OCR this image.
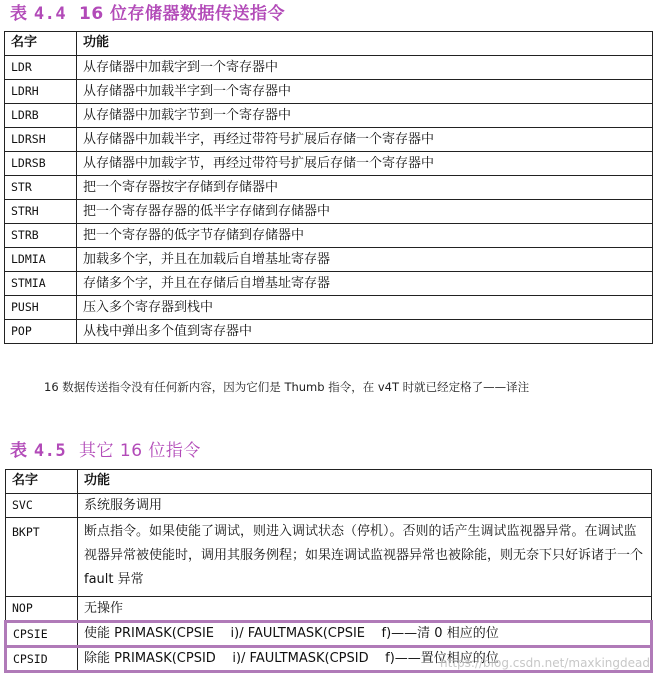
表 4.4 16 位存储器数据传送指令
名字	功能
LDR	从存储器中加载字到一个寄存器中
LDRH	从存储器中加载半字到一个寄存器中
LDRB	从存储器中加载字节到一个寄存器中
LDRSH	从存储器中加载半字，再经过带符号扩展后存储一个寄存器中
LDRSB	从存储器中加载字节，再经过带符号扩展后存储一个寄存器中
STR	把一个寄存器按字存储到存储器中
STRH	把一个寄存器存器的低半字存储到存储器中
STRB	把一个寄存器的低字节存储到存储器中
LDMIA	加载多个字，并且在加载后自增基址寄存器
STMIA	存储多个字，并且在存储后自增基址寄存器
PUSH	压入多个寄存器到栈中
POP	从栈中弹出多个值到寄存器中
16 数据传送指令没有任何新内容，因为它们是 Thumb 指令，在 v4T 时就已经定格了——译注
表 4.5 其它 16 位指令
名字	功能
SVC	系统服务调用
BKPT	断点指令。如果使能了调试，则进入调试状态（停机）。否则的话产生调试监视器异常。在调试监视器异常被使能时，调用其服务例程；如果连调试监视器异常也被除能，则无奈下只好诉诸于一个 fault 异常
NOP	无操作
CPSIE	使能 PRIMASK(CPSIE    i)/ FAULTMASK(CPSIE    f)——清 0 相应的位
CPSID	除能 PRIMASK(CPSID    i)/ FAULTMASK(CPSID    f)——置位相应的位
https://blog.csdn.net/maxkingdead
